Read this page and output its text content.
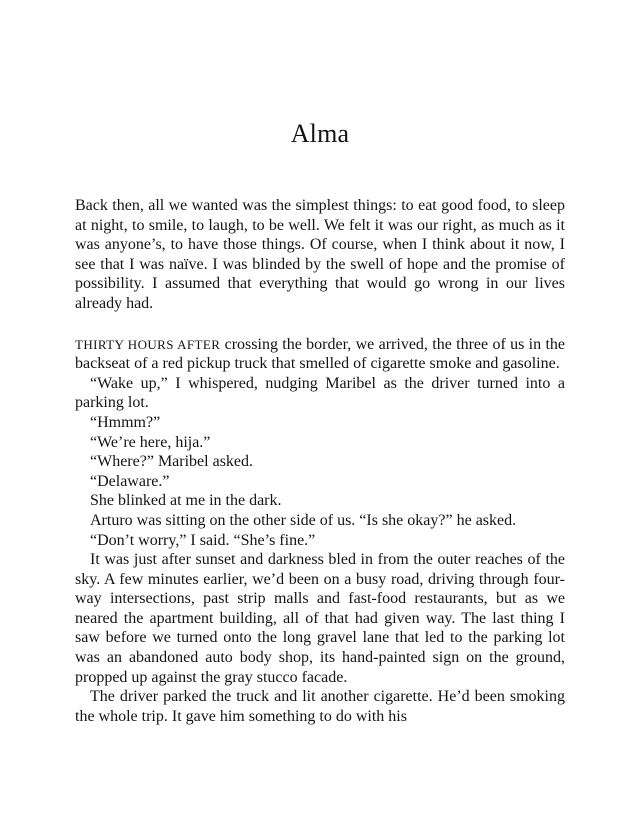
Alma

Back then, all we wanted was the simplest things: to eat good food, to sleep at night, to smile, to laugh, to be well. We felt it was our right, as much as it was anyone’s, to have those things. Of course, when I think about it now, I see that I was naïve. I was blinded by the swell of hope and the promise of possibility. I assumed that everything that would go wrong in our lives already had.

THIRTY HOURS AFTER crossing the border, we arrived, the three of us in the backseat of a red pickup truck that smelled of cigarette smoke and gasoline.

“Wake up,” I whispered, nudging Maribel as the driver turned into a parking lot.

“Hmmm?”

“We’re here, hija.”

“Where?” Maribel asked.

“Delaware.”

She blinked at me in the dark.

Arturo was sitting on the other side of us. “Is she okay?” he asked.

“Don’t worry,” I said. “She’s fine.”

It was just after sunset and darkness bled in from the outer reaches of the sky. A few minutes earlier, we’d been on a busy road, driving through four-way intersections, past strip malls and fast-food restaurants, but as we neared the apartment building, all of that had given way. The last thing I saw before we turned onto the long gravel lane that led to the parking lot was an abandoned auto body shop, its hand-painted sign on the ground, propped up against the gray stucco facade.

The driver parked the truck and lit another cigarette. He’d been smoking the whole trip. It gave him something to do with his
